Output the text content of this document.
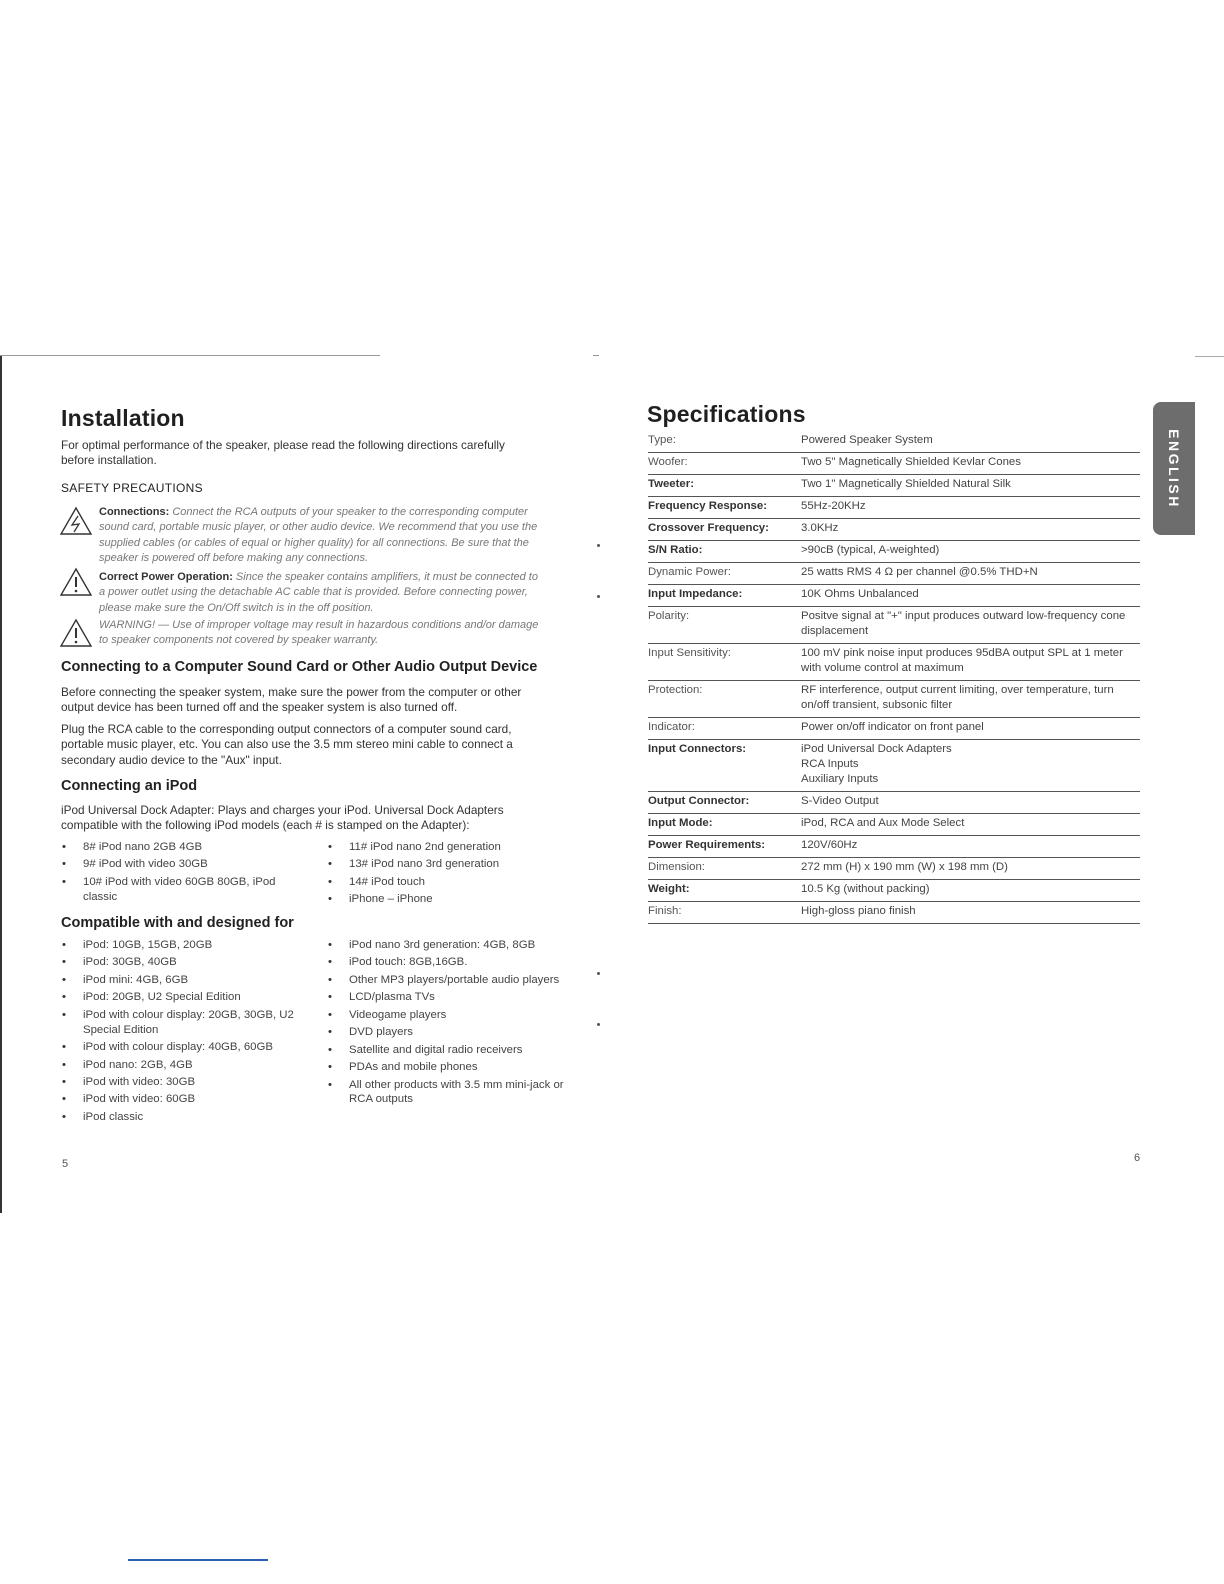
Installation
For optimal performance of the speaker, please read the following directions carefully before installation.
SAFETY PRECAUTIONS
Connections: Connect the RCA outputs of your speaker to the corresponding computer sound card, portable music player, or other audio device. We recommend that you use the supplied cables (or cables of equal or higher quality) for all connections. Be sure that the speaker is powered off before making any connections.
Correct Power Operation: Since the speaker contains amplifiers, it must be connected to a power outlet using the detachable AC cable that is provided. Before connecting power, please make sure the On/Off switch is in the off position.
WARNING! — Use of improper voltage may result in hazardous conditions and/or damage to speaker components not covered by speaker warranty.
Connecting to a Computer Sound Card or Other Audio Output Device
Before connecting the speaker system, make sure the power from the computer or other output device has been turned off and the speaker system is also turned off.
Plug the RCA cable to the corresponding output connectors of a computer sound card, portable music player, etc. You can also use the 3.5 mm stereo mini cable to connect a secondary audio device to the "Aux" input.
Connecting an iPod
iPod Universal Dock Adapter: Plays and charges your iPod. Universal Dock Adapters compatible with the following iPod models (each # is stamped on the Adapter):
• 8# iPod nano 2GB 4GB
• 9# iPod with video 30GB
• 10# iPod with video 60GB 80GB, iPod classic
• 11# iPod nano 2nd generation
• 13# iPod nano 3rd generation
• 14# iPod touch
• iPhone – iPhone
Compatible with and designed for
• iPod: 10GB, 15GB, 20GB
• iPod: 30GB, 40GB
• iPod mini: 4GB, 6GB
• iPod: 20GB, U2 Special Edition
• iPod with colour display: 20GB, 30GB, U2 Special Edition
• iPod with colour display: 40GB, 60GB
• iPod nano: 2GB, 4GB
• iPod with video: 30GB
• iPod with video: 60GB
• iPod classic
• iPod nano 3rd generation: 4GB, 8GB
• iPod touch: 8GB,16GB.
• Other MP3 players/portable audio players
• LCD/plasma TVs
• Videogame players
• DVD players
• Satellite and digital radio receivers
• PDAs and mobile phones
• All other products with 3.5 mm mini-jack or RCA outputs
5
Specifications
Type:	Powered Speaker System
Woofer:	Two 5" Magnetically Shielded Kevlar Cones
Tweeter:	Two 1" Magnetically Shielded Natural Silk
Frequency Response:	55Hz-20KHz
Crossover Frequency:	3.0KHz
S/N Ratio:	>90cB (typical, A-weighted)
Dynamic Power:	25 watts RMS 4 Ω per channel @0.5% THD+N
Input Impedance:	10K Ohms Unbalanced
Polarity:	Positve signal at "+" input produces outward low-frequency cone displacement
Input Sensitivity:	100 mV pink noise input produces 95dBA output SPL at 1 meter with volume control at maximum
Protection:	RF interference, output current limiting, over temperature, turn on/off transient, subsonic filter
Indicator:	Power on/off indicator on front panel
Input Connectors:	iPod Universal Dock Adapters
RCA Inputs
Auxiliary Inputs
Output Connector:	S-Video Output
Input Mode:	iPod, RCA and Aux Mode Select
Power Requirements:	120V/60Hz
Dimension:	272 mm (H) x 190 mm (W) x 198 mm (D)
Weight:	10.5 Kg (without packing)
Finish:	High-gloss piano finish
ENGLISH
6
